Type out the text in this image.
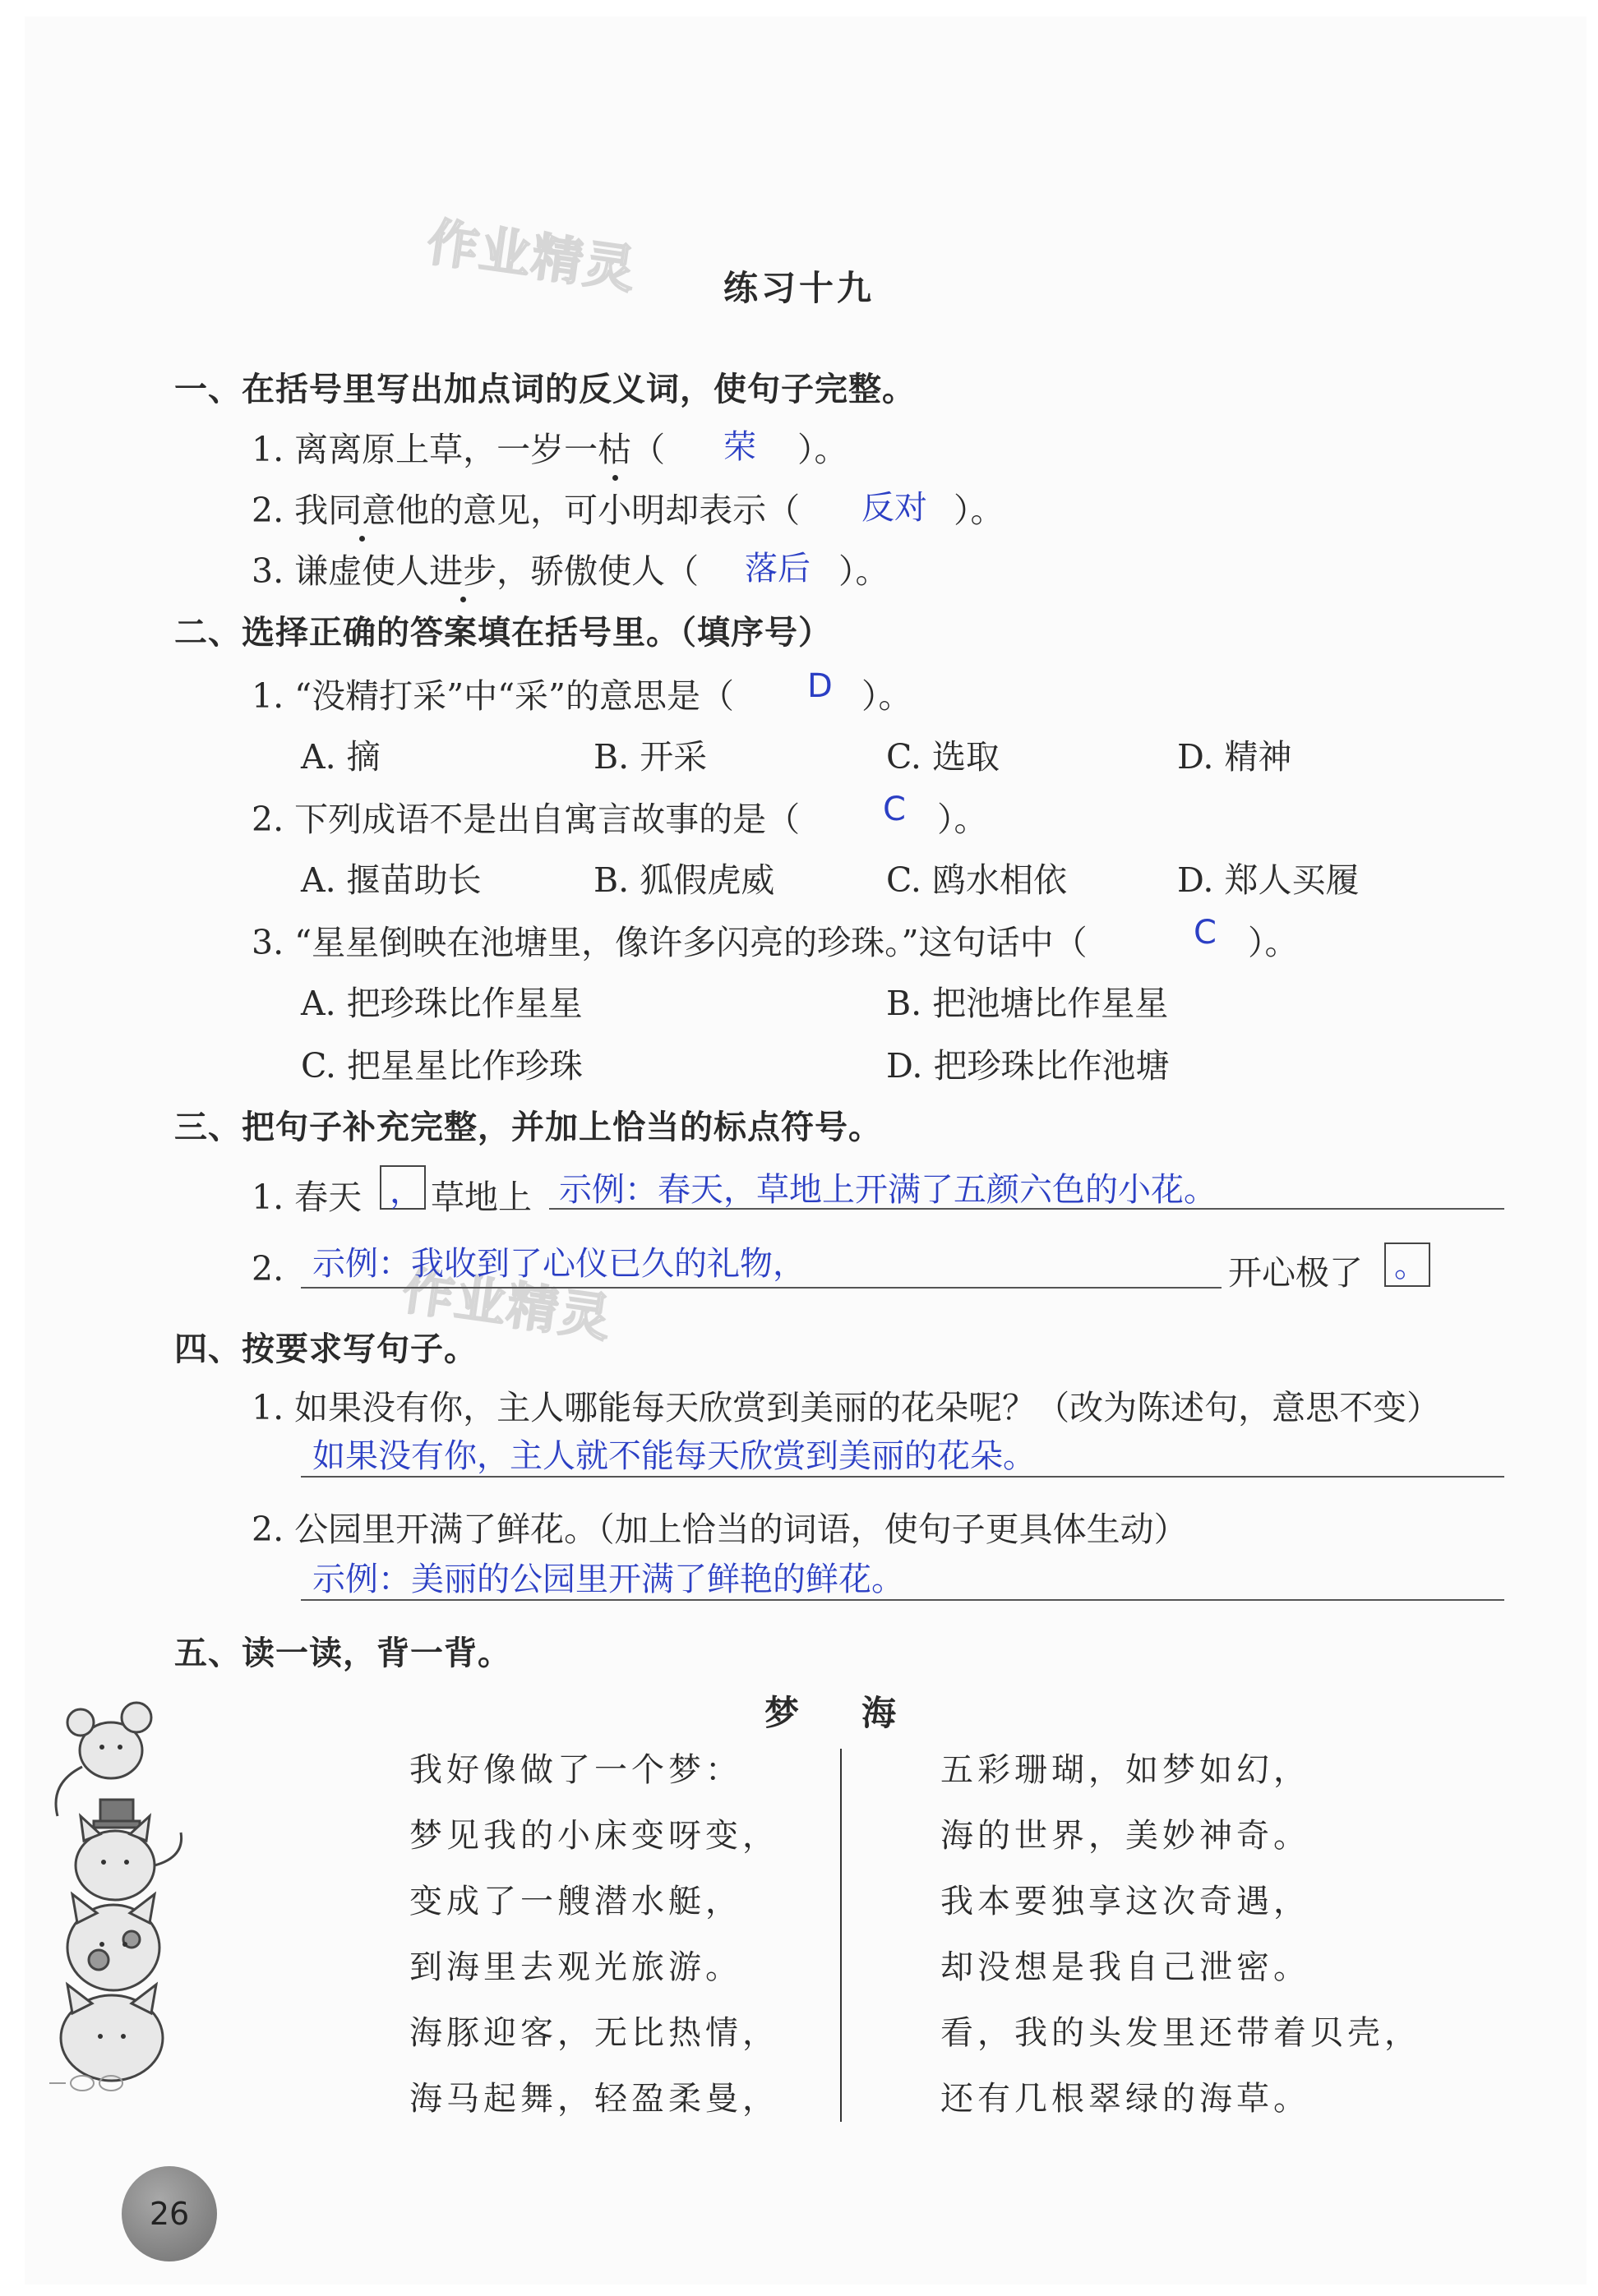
作业精灵
作业精灵
练习十九
一、在括号里写出加点词的反义词，使句子完整。
1. 离离原上草，一岁一枯（ 荣 ）。
2. 我同意他的意见，可小明却表示（ 反对 ）。
3. 谦虚使人进步，骄傲使人（ 落后 ）。
二、选择正确的答案填在括号里。（填序号）
1. “没精打采”中“采”的意思是（ D ）。
A. 摘	B. 开采	C. 选取	D. 精神
2. 下列成语不是出自寓言故事的是（	C ）。
A. 揠苗助长	B. 狐假虎威	C. 鸥水相依	D. 郑人买履
3. “星星倒映在池塘里，像许多闪亮的珍珠。”这句话中（	C ）。
A. 把珍珠比作星星	B. 把池塘比作星星
C. 把星星比作珍珠	D. 把珍珠比作池塘
三、把句子补充完整，并加上恰当的标点符号。
1. 春天 ， 草地上 示例：春天，草地上开满了五颜六色的小花。
2. 示例：我收到了心仪已久的礼物，	开心极了 。
四、按要求写句子。
1. 如果没有你，主人哪能每天欣赏到美丽的花朵呢？（改为陈述句，意思不变）
如果没有你，主人就不能每天欣赏到美丽的花朵。
2. 公园里开满了鲜花。（加上恰当的词语，使句子更具体生动）
示例：美丽的公园里开满了鲜艳的鲜花。
五、读一读，背一背。
梦海
我好像做了一个梦：
梦见我的小床变呀变，
变成了一艘潜水艇，
到海里去观光旅游。
海豚迎客，无比热情，
海马起舞，轻盈柔曼，
五彩珊瑚，如梦如幻，
海的世界，美妙神奇。
我本要独享这次奇遇，
却没想是我自己泄密。
看，我的头发里还带着贝壳，
还有几根翠绿的海草。
26
